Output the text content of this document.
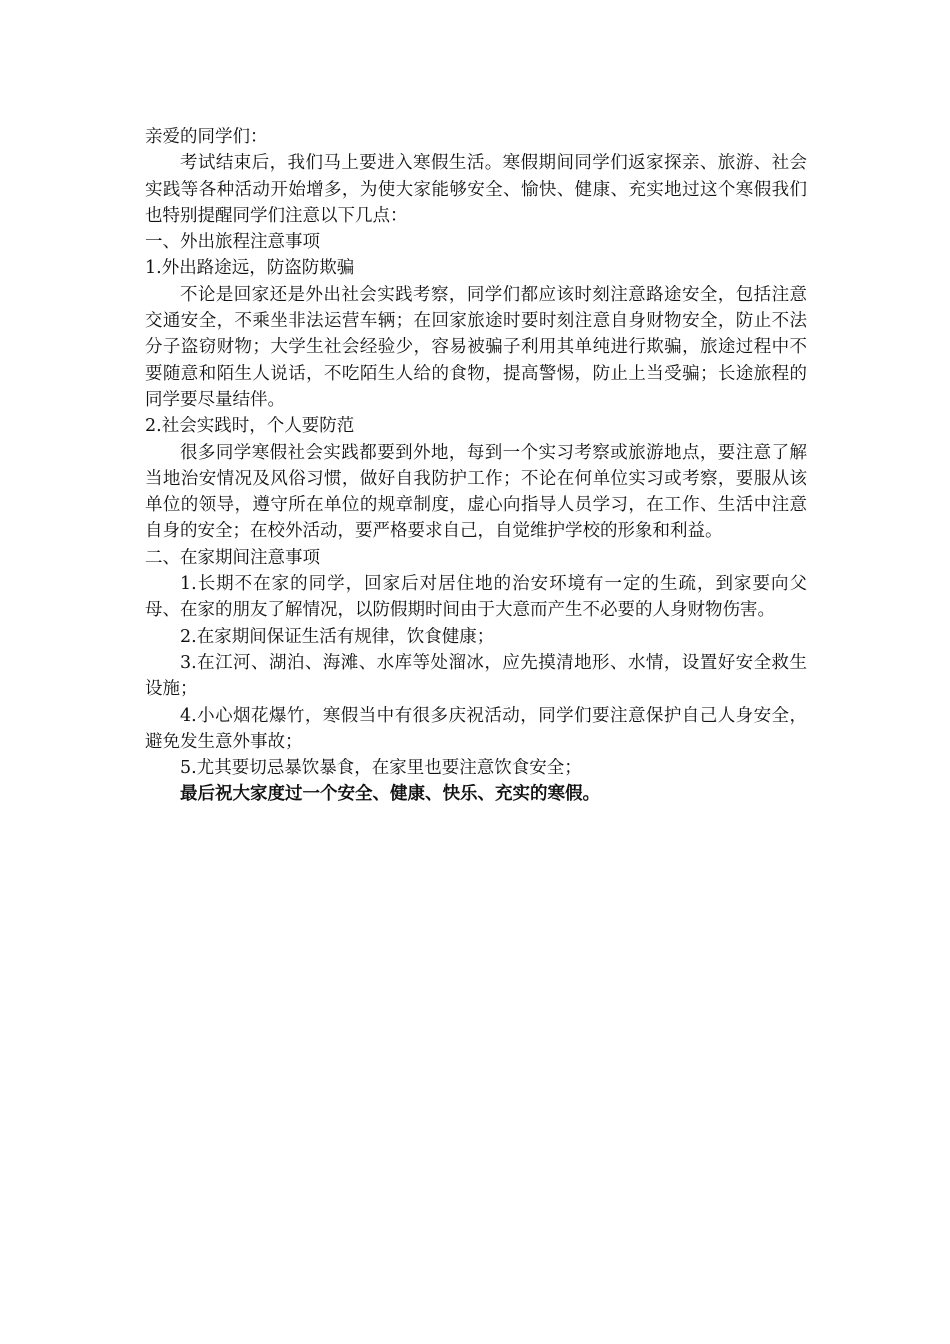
亲爱的同学们：

考试结束后，我们马上要进入寒假生活。寒假期间同学们返家探亲、旅游、社会实践等各种活动开始增多，为使大家能够安全、愉快、健康、充实地过这个寒假我们也特别提醒同学们注意以下几点：

一、外出旅程注意事项

1.外出路途远，防盗防欺骗

不论是回家还是外出社会实践考察，同学们都应该时刻注意路途安全，包括注意交通安全，不乘坐非法运营车辆；在回家旅途时要时刻注意自身财物安全，防止不法分子盗窃财物；大学生社会经验少，容易被骗子利用其单纯进行欺骗，旅途过程中不要随意和陌生人说话，不吃陌生人给的食物，提高警惕，防止上当受骗；长途旅程的同学要尽量结伴。

2.社会实践时，个人要防范

很多同学寒假社会实践都要到外地，每到一个实习考察或旅游地点，要注意了解当地治安情况及风俗习惯，做好自我防护工作；不论在何单位实习或考察，要服从该单位的领导，遵守所在单位的规章制度，虚心向指导人员学习，在工作、生活中注意自身的安全；在校外活动，要严格要求自己，自觉维护学校的形象和利益。

二、在家期间注意事项

1.长期不在家的同学，回家后对居住地的治安环境有一定的生疏，到家要向父母、在家的朋友了解情况，以防假期时间由于大意而产生不必要的人身财物伤害。

2.在家期间保证生活有规律，饮食健康；

3.在江河、湖泊、海滩、水库等处溜冰，应先摸清地形、水情，设置好安全救生设施；

4.小心烟花爆竹，寒假当中有很多庆祝活动，同学们要注意保护自己人身安全，避免发生意外事故；

5.尤其要切忌暴饮暴食，在家里也要注意饮食安全；

最后祝大家度过一个安全、健康、快乐、充实的寒假。
